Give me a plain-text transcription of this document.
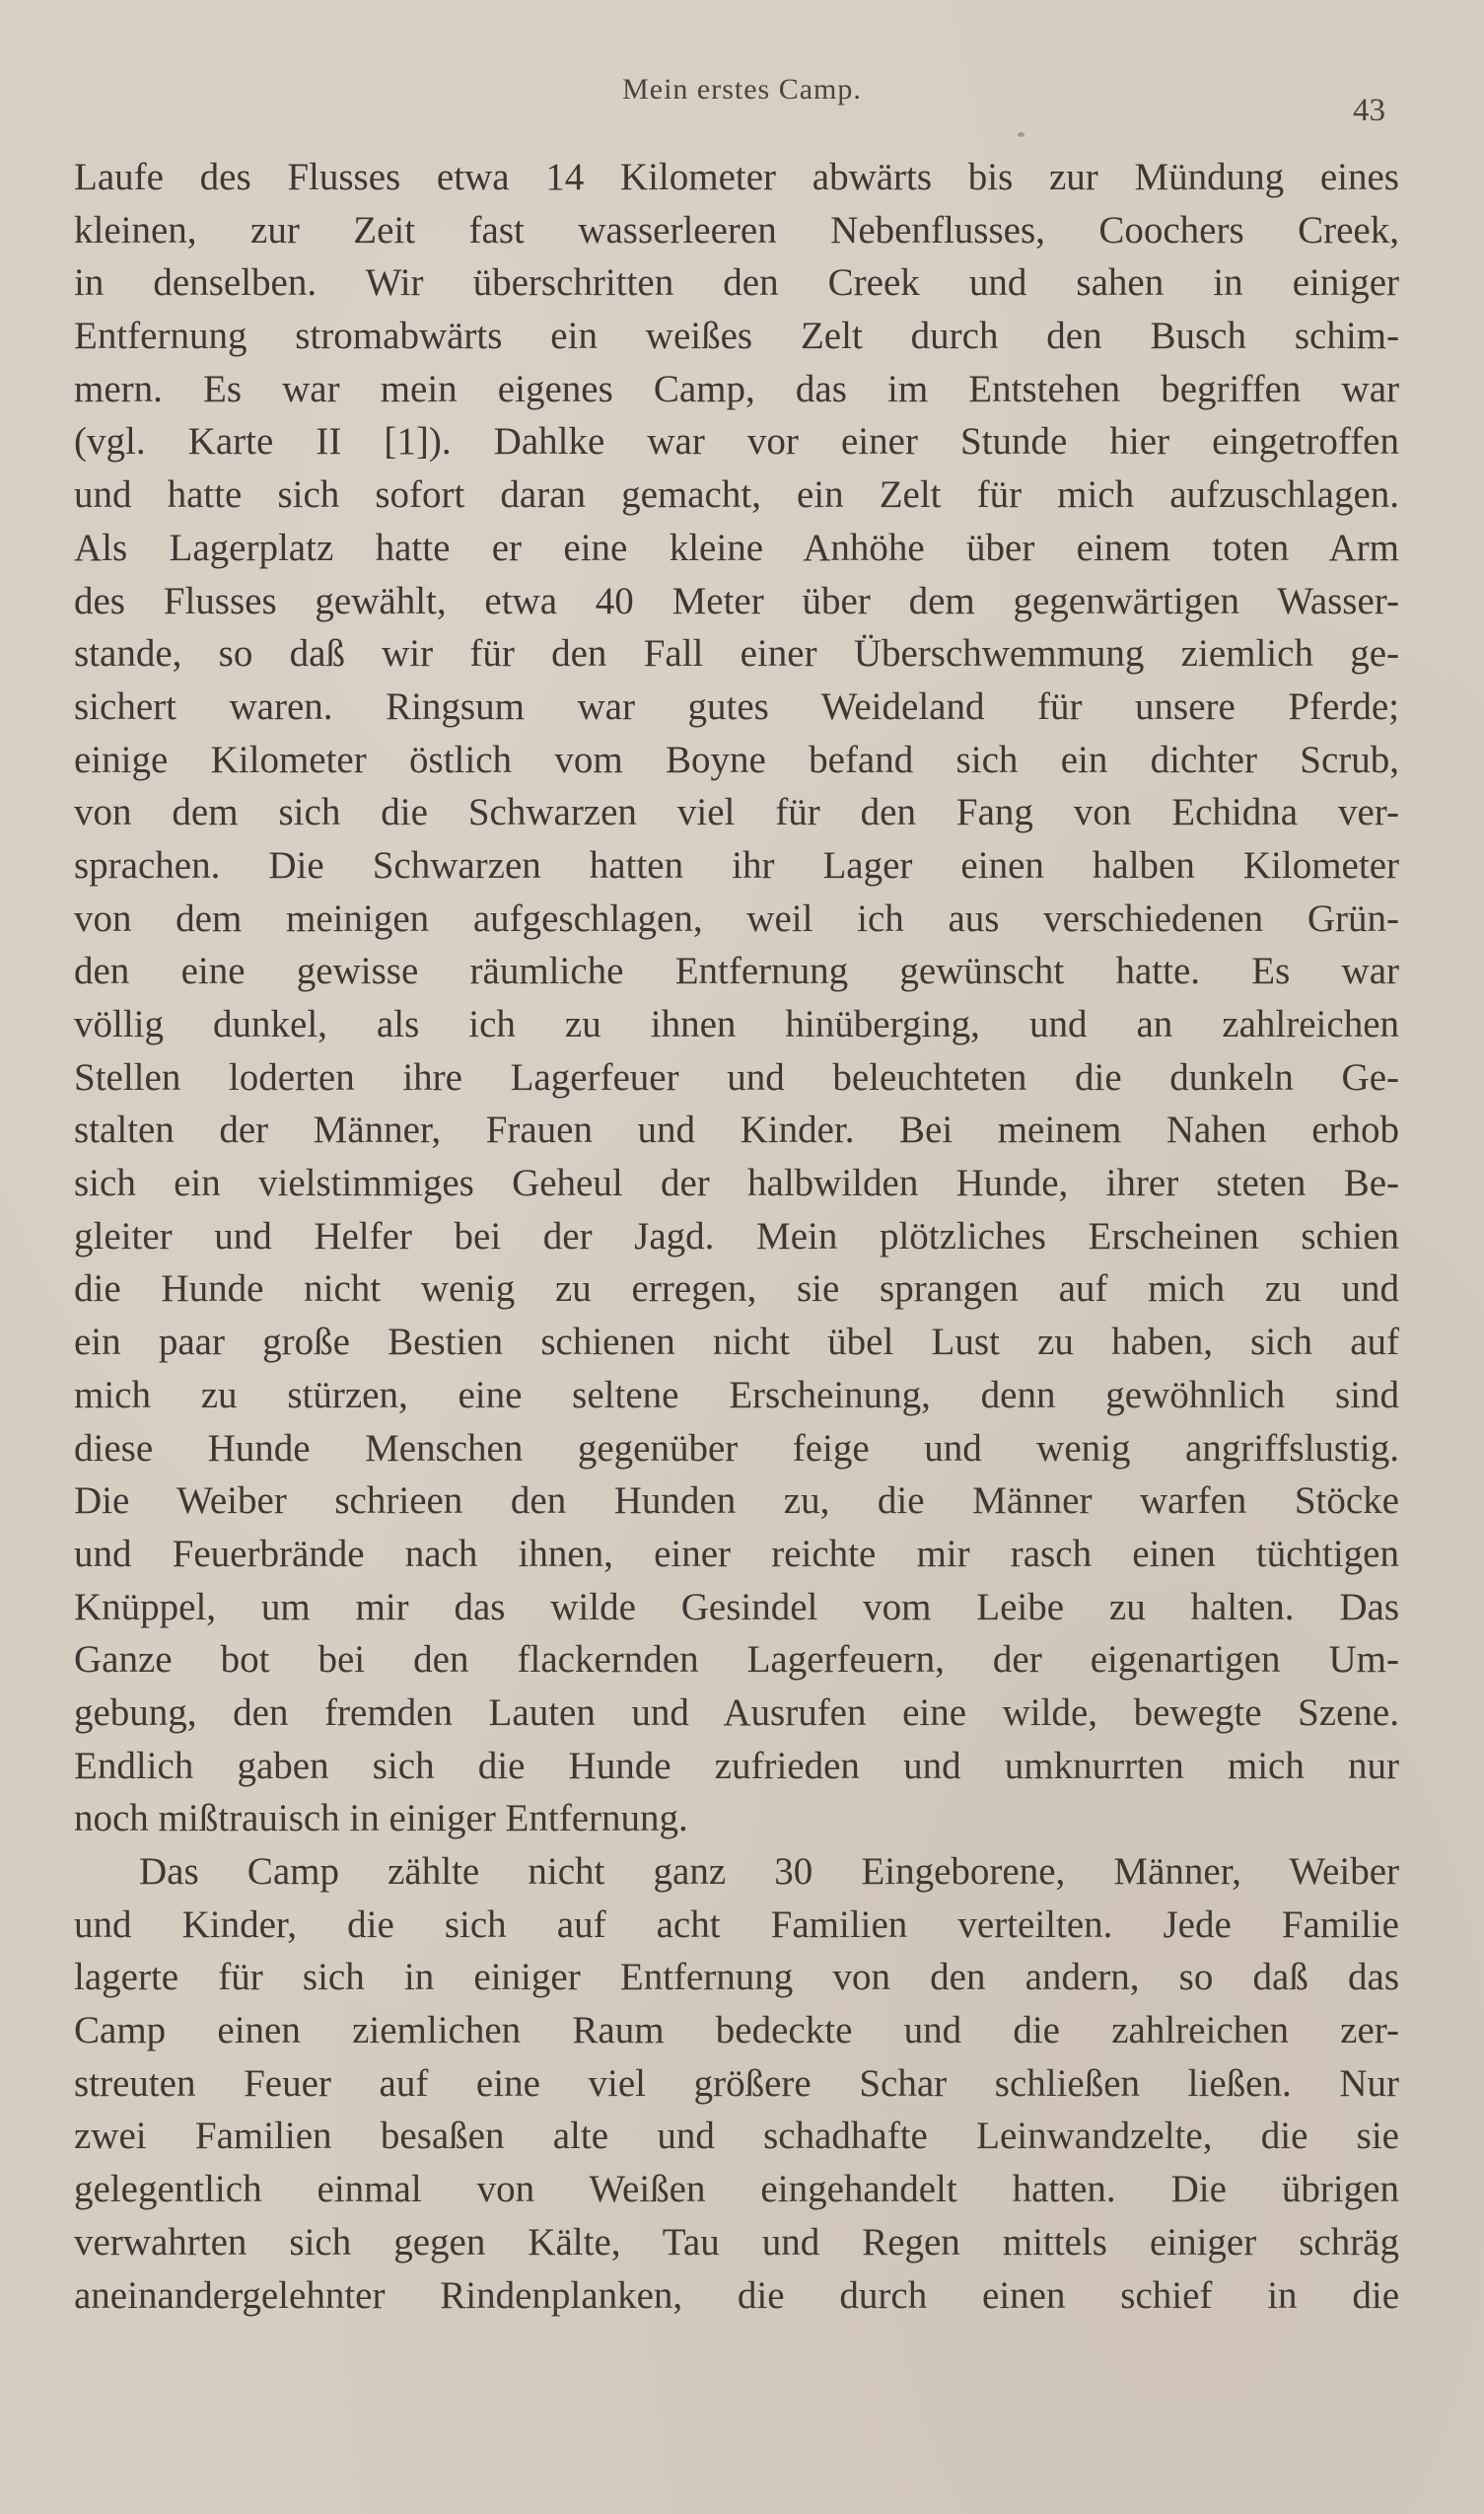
Mein erstes Camp.
43
Laufe des Flusses etwa 14 Kilometer abwärts bis zur Mündung eines
kleinen, zur Zeit fast wasserleeren Nebenflusses, Coochers Creek,
in denselben. Wir überschritten den Creek und sahen in einiger
Entfernung stromabwärts ein weißes Zelt durch den Busch schim-
mern. Es war mein eigenes Camp, das im Entstehen begriffen war
(vgl. Karte II [1]). Dahlke war vor einer Stunde hier eingetroffen
und hatte sich sofort daran gemacht, ein Zelt für mich aufzuschlagen.
Als Lagerplatz hatte er eine kleine Anhöhe über einem toten Arm
des Flusses gewählt, etwa 40 Meter über dem gegenwärtigen Wasser-
stande, so daß wir für den Fall einer Überschwemmung ziemlich ge-
sichert waren. Ringsum war gutes Weideland für unsere Pferde;
einige Kilometer östlich vom Boyne befand sich ein dichter Scrub,
von dem sich die Schwarzen viel für den Fang von Echidna ver-
sprachen. Die Schwarzen hatten ihr Lager einen halben Kilometer
von dem meinigen aufgeschlagen, weil ich aus verschiedenen Grün-
den eine gewisse räumliche Entfernung gewünscht hatte. Es war
völlig dunkel, als ich zu ihnen hinüberging, und an zahlreichen
Stellen loderten ihre Lagerfeuer und beleuchteten die dunkeln Ge-
stalten der Männer, Frauen und Kinder. Bei meinem Nahen erhob
sich ein vielstimmiges Geheul der halbwilden Hunde, ihrer steten Be-
gleiter und Helfer bei der Jagd. Mein plötzliches Erscheinen schien
die Hunde nicht wenig zu erregen, sie sprangen auf mich zu und
ein paar große Bestien schienen nicht übel Lust zu haben, sich auf
mich zu stürzen, eine seltene Erscheinung, denn gewöhnlich sind
diese Hunde Menschen gegenüber feige und wenig angriffslustig.
Die Weiber schrieen den Hunden zu, die Männer warfen Stöcke
und Feuerbrände nach ihnen, einer reichte mir rasch einen tüchtigen
Knüppel, um mir das wilde Gesindel vom Leibe zu halten. Das
Ganze bot bei den flackernden Lagerfeuern, der eigenartigen Um-
gebung, den fremden Lauten und Ausrufen eine wilde, bewegte Szene.
Endlich gaben sich die Hunde zufrieden und umknurrten mich nur
noch mißtrauisch in einiger Entfernung.
Das Camp zählte nicht ganz 30 Eingeborene, Männer, Weiber
und Kinder, die sich auf acht Familien verteilten. Jede Familie
lagerte für sich in einiger Entfernung von den andern, so daß das
Camp einen ziemlichen Raum bedeckte und die zahlreichen zer-
streuten Feuer auf eine viel größere Schar schließen ließen. Nur
zwei Familien besaßen alte und schadhafte Leinwandzelte, die sie
gelegentlich einmal von Weißen eingehandelt hatten. Die übrigen
verwahrten sich gegen Kälte, Tau und Regen mittels einiger schräg
aneinandergelehnter Rindenplanken, die durch einen schief in die
